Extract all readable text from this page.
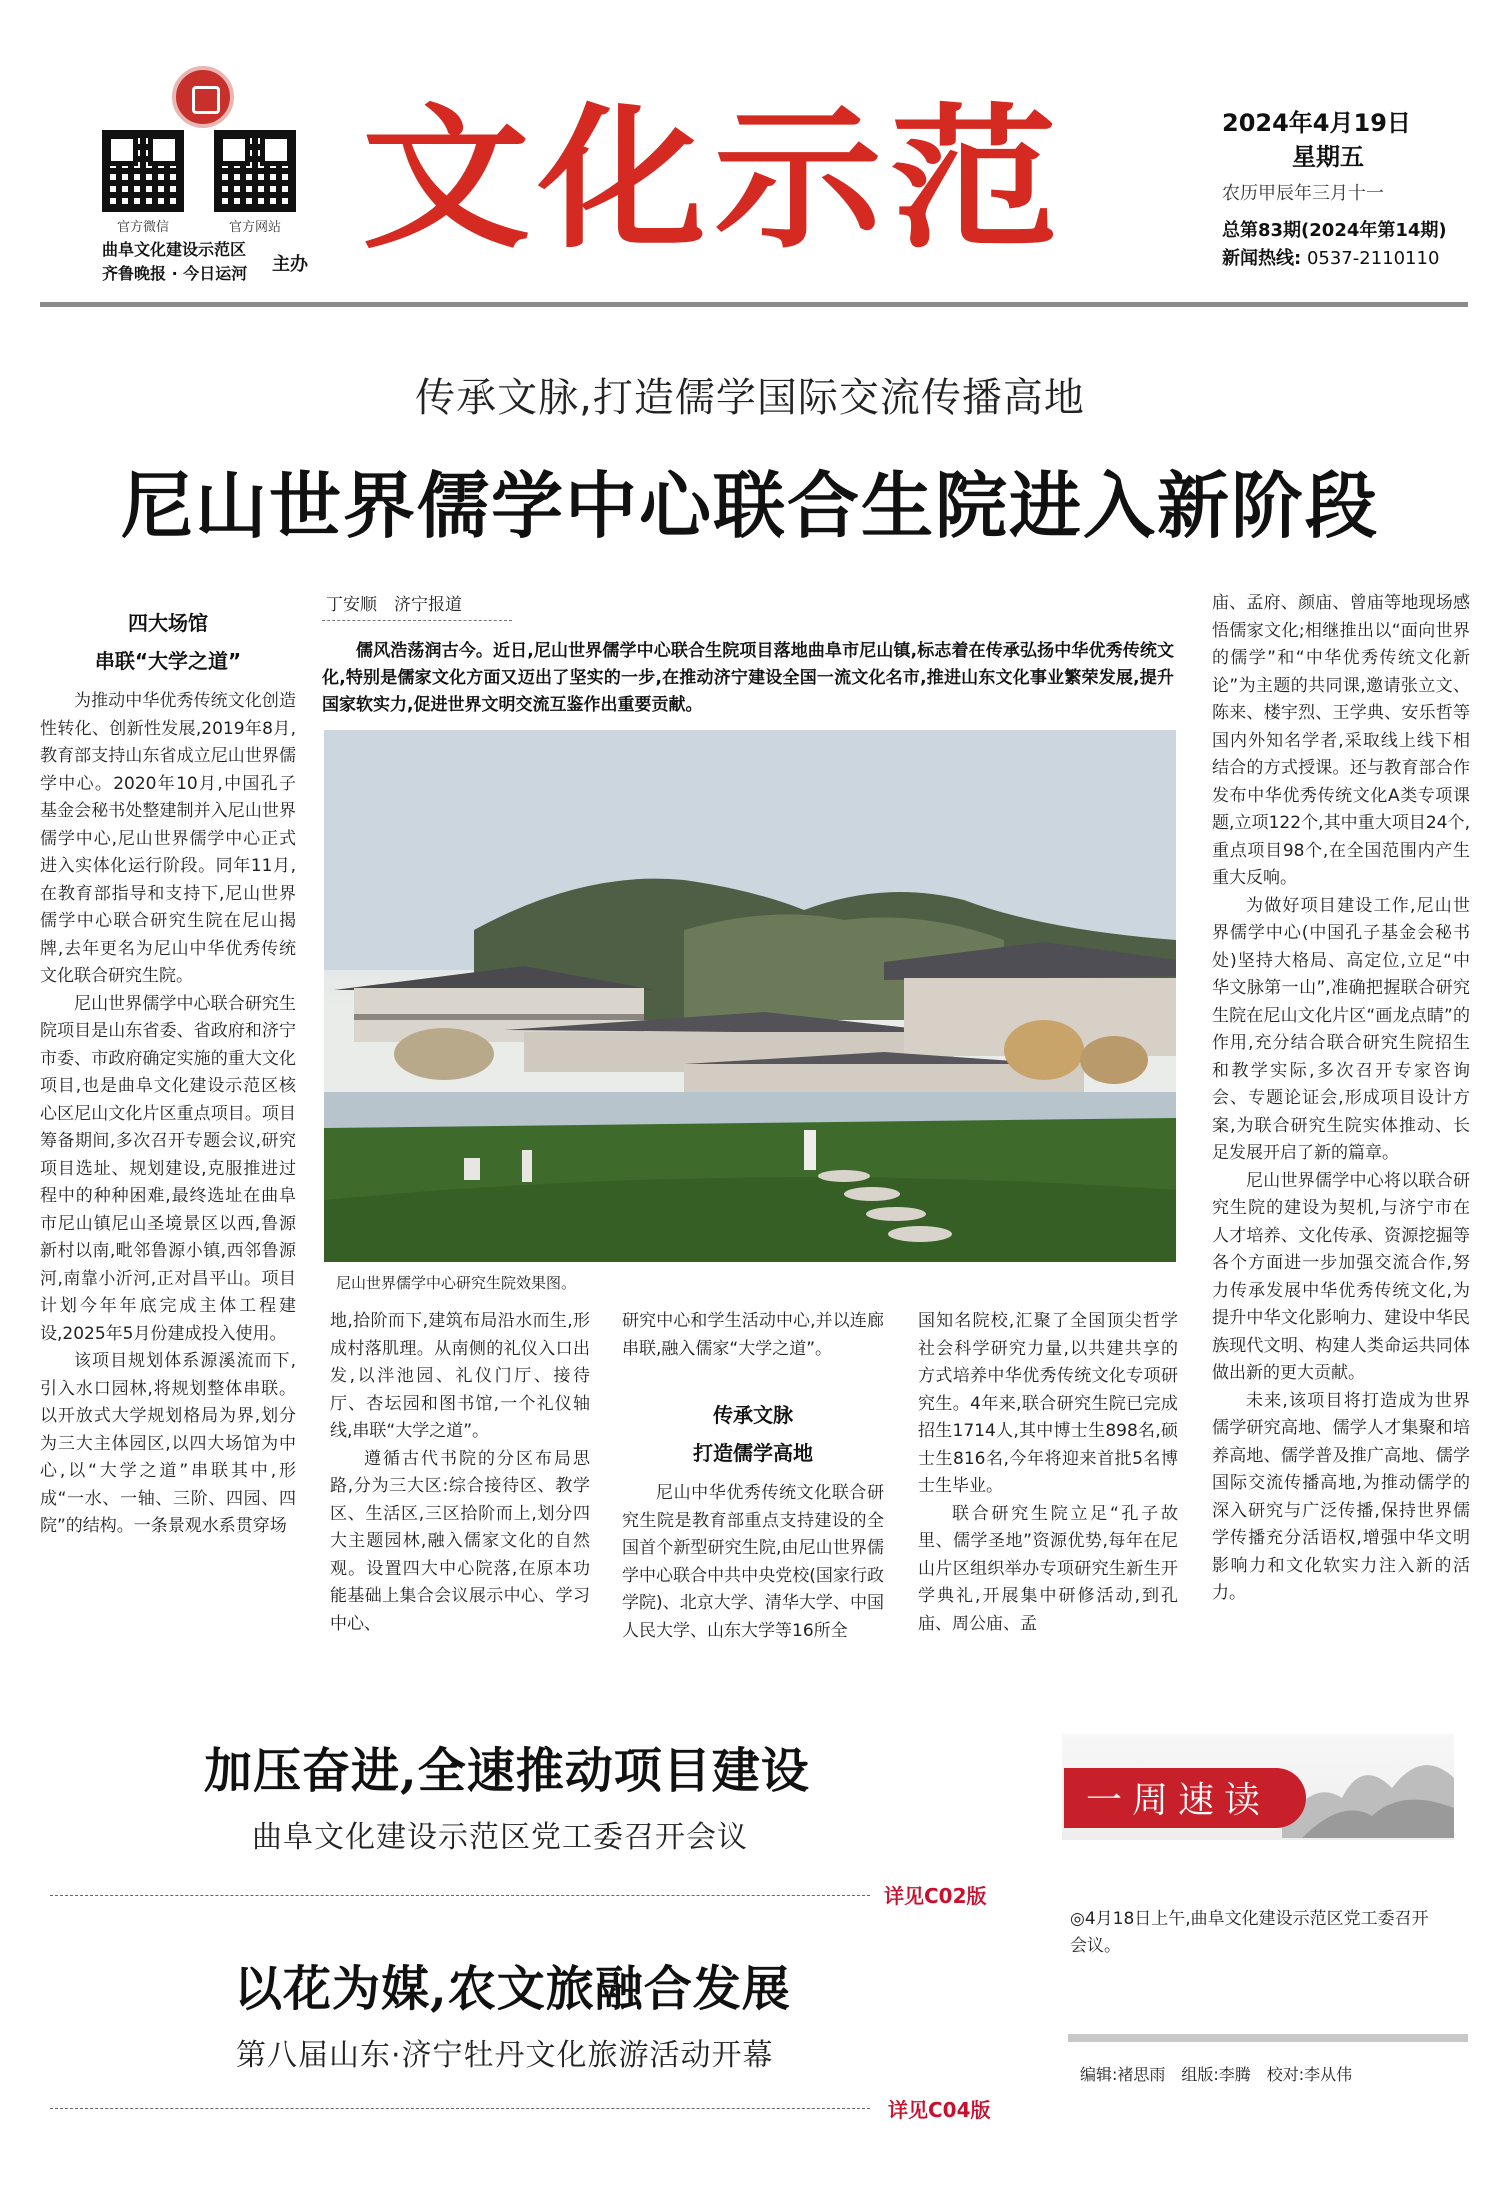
官方微信	官方网站
曲阜文化建设示范区
齐鲁晚报 · 今日运河 主办 文化示范	2024年4月19日
星期五
农历甲辰年三月十一
总第83期(2024年第14期)
新闻热线: 0537-2110110
传承文脉,打造儒学国际交流传播高地
尼山世界儒学中心联合生院进入新阶段
四大场馆
串联“大学之道”

为推动中华优秀传统文化创造性转化、创新性发展,2019年8月,教育部支持山东省成立尼山世界儒学中心。2020年10月,中国孔子基金会秘书处整建制并入尼山世界儒学中心,尼山世界儒学中心正式进入实体化运行阶段。同年11月,在教育部指导和支持下,尼山世界儒学中心联合研究生院在尼山揭牌,去年更名为尼山中华优秀传统文化联合研究生院。

尼山世界儒学中心联合研究生院项目是山东省委、省政府和济宁市委、市政府确定实施的重大文化项目,也是曲阜文化建设示范区核心区尼山文化片区重点项目。项目筹备期间,多次召开专题会议,研究项目选址、规划建设,克服推进过程中的种种困难,最终选址在曲阜市尼山镇尼山圣境景区以西,鲁源新村以南,毗邻鲁源小镇,西邻鲁源河,南靠小沂河,正对昌平山。项目计划今年年底完成主体工程建设,2025年5月份建成投入使用。

该项目规划体系源溪流而下,引入水口园林,将规划整体串联。以开放式大学规划格局为界,划分为三大主体园区,以四大场馆为中心,以“大学之道”串联其中,形成“一水、一轴、三阶、四园、四院”的结构。一条景观水系贯穿场

丁安顺　济宁报道
儒风浩荡润古今。近日,尼山世界儒学中心联合生院项目落地曲阜市尼山镇,标志着在传承弘扬中华优秀传统文化,特别是儒家文化方面又迈出了坚实的一步,在推动济宁建设全国一流文化名市,推进山东文化事业繁荣发展,提升国家软实力,促进世界文明交流互鉴作出重要贡献。
尼山世界儒学中心研究生院效果图。

地,拾阶而下,建筑布局沿水而生,形成村落肌理。从南侧的礼仪入口出发,以泮池园、礼仪门厅、接待厅、杏坛园和图书馆,一个礼仪轴线,串联“大学之道”。

遵循古代书院的分区布局思路,分为三大区:综合接待区、教学区、生活区,三区拾阶而上,划分四大主题园林,融入儒家文化的自然观。设置四大中心院落,在原本功能基础上集合会议展示中心、学习中心、

研究中心和学生活动中心,并以连廊串联,融入儒家“大学之道”。

传承文脉
打造儒学高地

尼山中华优秀传统文化联合研究生院是教育部重点支持建设的全国首个新型研究生院,由尼山世界儒学中心联合中共中央党校(国家行政学院)、北京大学、清华大学、中国人民大学、山东大学等16所全

国知名院校,汇聚了全国顶尖哲学社会科学研究力量,以共建共享的方式培养中华优秀传统文化专项研究生。4年来,联合研究生院已完成招生1714人,其中博士生898名,硕士生816名,今年将迎来首批5名博士生毕业。

联合研究生院立足“孔子故里、儒学圣地”资源优势,每年在尼山片区组织举办专项研究生新生开学典礼,开展集中研修活动,到孔庙、周公庙、孟

庙、孟府、颜庙、曾庙等地现场感悟儒家文化;相继推出以“面向世界的儒学”和“中华优秀传统文化新论”为主题的共同课,邀请张立文、陈来、楼宇烈、王学典、安乐哲等国内外知名学者,采取线上线下相结合的方式授课。还与教育部合作发布中华优秀传统文化A类专项课题,立项122个,其中重大项目24个,重点项目98个,在全国范围内产生重大反响。

为做好项目建设工作,尼山世界儒学中心(中国孔子基金会秘书处)坚持大格局、高定位,立足“中华文脉第一山”,准确把握联合研究生院在尼山文化片区“画龙点睛”的作用,充分结合联合研究生院招生和教学实际,多次召开专家咨询会、专题论证会,形成项目设计方案,为联合研究生院实体推动、长足发展开启了新的篇章。

尼山世界儒学中心将以联合研究生院的建设为契机,与济宁市在人才培养、文化传承、资源挖掘等各个方面进一步加强交流合作,努力传承发展中华优秀传统文化,为提升中华文化影响力、建设中华民族现代文明、构建人类命运共同体做出新的更大贡献。

未来,该项目将打造成为世界儒学研究高地、儒学人才集聚和培养高地、儒学普及推广高地、儒学国际交流传播高地,为推动儒学的深入研究与广泛传播,保持世界儒学传播充分活语权,增强中华文明影响力和文化软实力注入新的活力。

加压奋进,全速推动项目建设
曲阜文化建设示范区党工委召开会议
详见C02版
以花为媒,农文旅融合发展
第八届山东·济宁牡丹文化旅游活动开幕
详见C04版
一周速读
◎4月18日上午,曲阜文化建设示范区党工委召开会议。
编辑:褚思雨　组版:李腾　校对:李从伟
